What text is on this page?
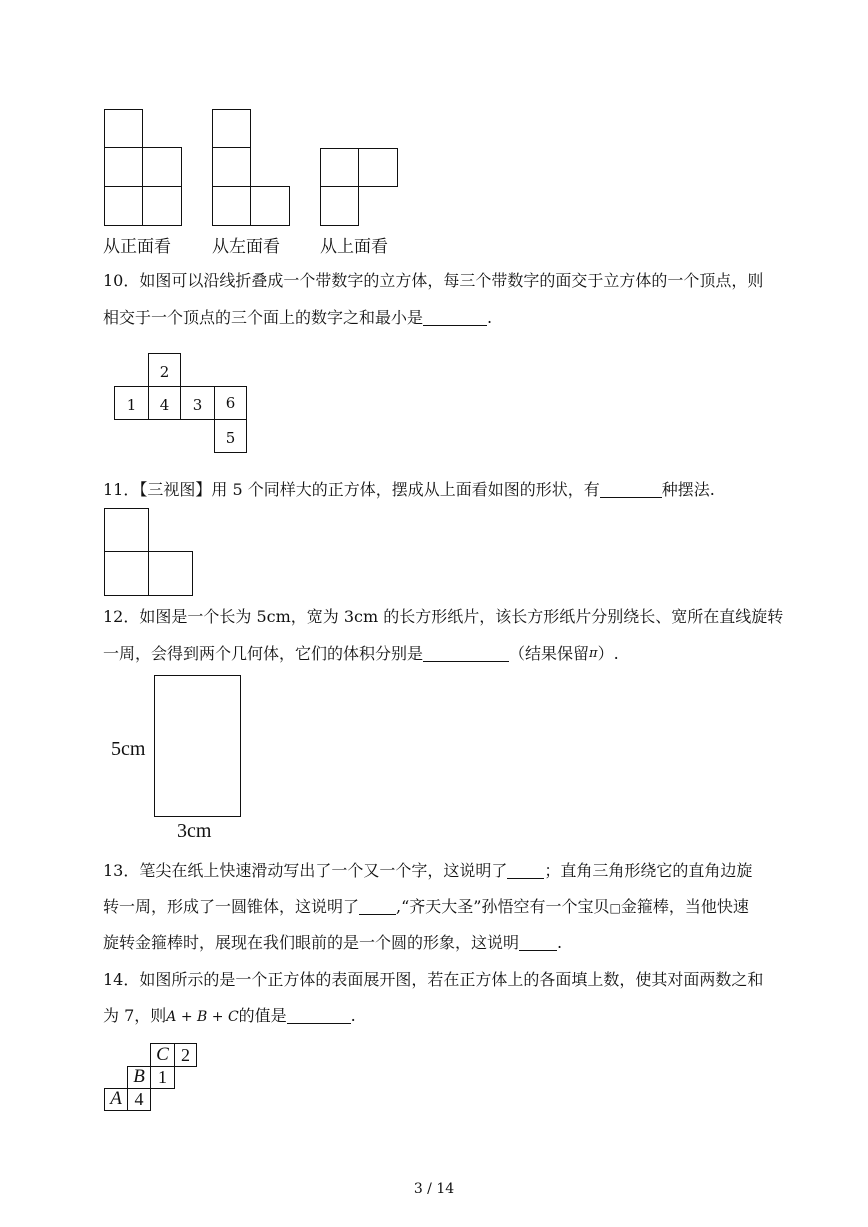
从正面看 从左面看 从上面看
10．如图可以沿线折叠成一个带数字的立方体，每三个带数字的面交于立方体的一个顶点，则
相交于一个顶点的三个面上的数字之和最小是	.
2
1	4	3	6
5
11．【三视图】用 5 个同样大的正方体，摆成从上面看如图的形状，有	种摆法.
12．如图是一个长为 5cm，宽为 3cm 的长方形纸片，该长方形纸片分别绕长、宽所在直线旋转
一周，会得到两个几何体，它们的体积分别是	（结果保留π）.
5cm
3cm
13．笔尖在纸上快速滑动写出了一个又一个字，这说明了 ；直角三角形绕它的直角边旋
转一周，形成了一圆锥体，这说明了 ,“齐天大圣”孙悟空有一个宝贝□金箍棒，当他快速
旋转金箍棒时，展现在我们眼前的是一个圆的形象，这说明 .
14．如图所示的是一个正方体的表面展开图，若在正方体上的各面填上数，使其对面两数之和
为 7，则A + B + C的值是	.
C 2
B 1
A 4
3 / 14
